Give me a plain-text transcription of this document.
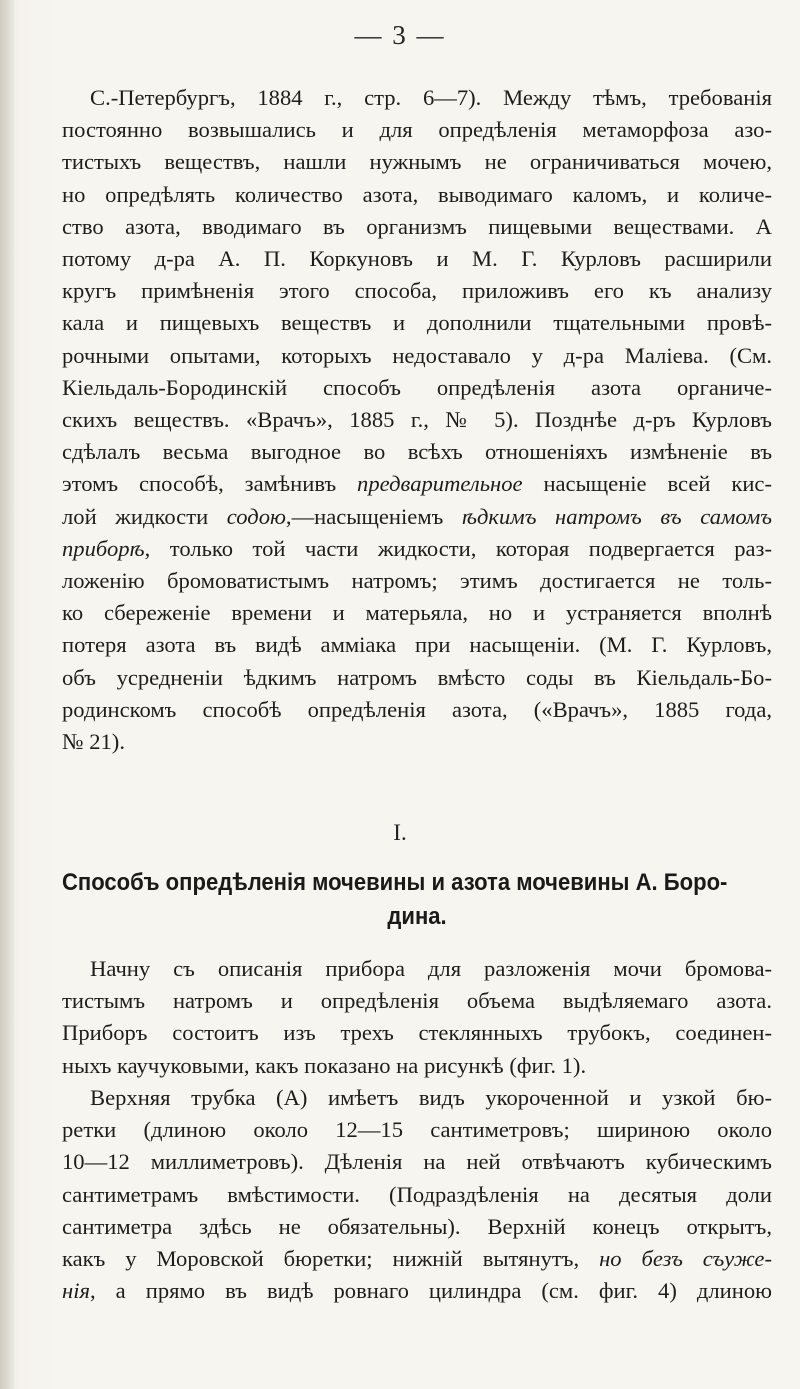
— 3 —
С.-Петербургъ, 1884 г., стр. 6—7). Между тѣмъ, требованія
постоянно возвышались и для опредѣленія метаморфоза азо-
тистыхъ веществъ, нашли нужнымъ не ограничиваться мочею,
но опредѣлять количество азота, выводимаго каломъ, и количе-
ство азота, вводимаго въ организмъ пищевыми веществами. А
потому д-ра А. П. Коркуновъ и М. Г. Курловъ расширили
кругъ примѣненія этого способа, приложивъ его къ анализу
кала и пищевыхъ веществъ и дополнили тщательными провѣ-
рочными опытами, которыхъ недоставало у д-ра Маліева. (См.
Кіельдаль-Бородинскій способъ опредѣленія азота органиче-
скихъ веществъ. «Врачъ», 1885 г., № 5). Позднѣе д-ръ Курловъ
сдѣлалъ весьма выгодное во всѣхъ отношеніяхъ измѣненіе въ
этомъ способѣ, замѣнивъ предварительное насыщеніе всей кис-
лой жидкости содою,—насыщеніемъ ѣдкимъ натромъ въ самомъ
приборѣ, только той части жидкости, которая подвергается раз-
ложенію бромоватистымъ натромъ; этимъ достигается не толь-
ко сбереженіе времени и матерьяла, но и устраняется вполнѣ
потеря азота въ видѣ амміака при насыщеніи. (М. Г. Курловъ,
объ усредненіи ѣдкимъ натромъ вмѣсто соды въ Кіельдаль-Бо-
родинскомъ способѣ опредѣленія азота, («Врачъ», 1885 года,
№ 21).
I.
Способъ опредѣленія мочевины и азота мочевины А. Боро-
дина.
Начну съ описанія прибора для разложенія мочи бромова-
тистымъ натромъ и опредѣленія объема выдѣляемаго азота.
Приборъ состоитъ изъ трехъ стеклянныхъ трубокъ, соединен-
ныхъ каучуковыми, какъ показано на рисункѣ (фиг. 1).
Верхняя трубка (А) имѣетъ видъ укороченной и узкой бю-
ретки (длиною около 12—15 сантиметровъ; шириною около
10—12 миллиметровъ). Дѣленія на ней отвѣчаютъ кубическимъ
сантиметрамъ вмѣстимости. (Подраздѣленія на десятыя доли
сантиметра здѣсь не обязательны). Верхній конецъ открытъ,
какъ у Моровской бюретки; нижній вытянутъ, но безъ съуже-
нія, а прямо въ видѣ ровнаго цилиндра (см. фиг. 4) длиною
